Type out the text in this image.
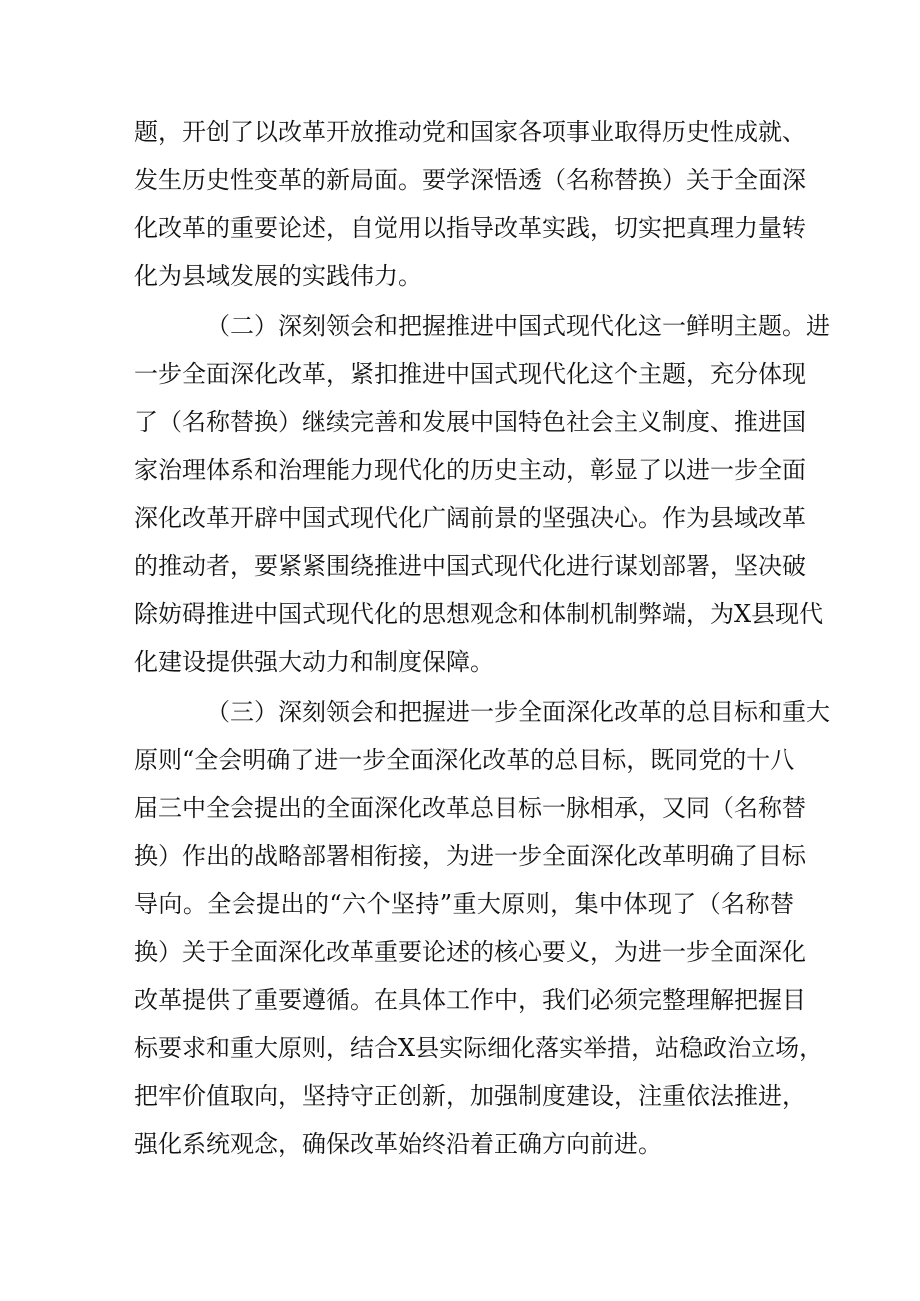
题，开创了以改革开放推动党和国家各项事业取得历史性成就、
发生历史性变革的新局面。要学深悟透（名称替换）关于全面深
化改革的重要论述，自觉用以指导改革实践，切实把真理力量转
化为县域发展的实践伟力。
（二）深刻领会和把握推进中国式现代化这一鲜明主题。进
一步全面深化改革，紧扣推进中国式现代化这个主题，充分体现
了（名称替换）继续完善和发展中国特色社会主义制度、推进国
家治理体系和治理能力现代化的历史主动，彰显了以进一步全面
深化改革开辟中国式现代化广阔前景的坚强决心。作为县域改革
的推动者，要紧紧围绕推进中国式现代化进行谋划部署，坚决破
除妨碍推进中国式现代化的思想观念和体制机制弊端，为X县现代
化建设提供强大动力和制度保障。
（三）深刻领会和把握进一步全面深化改革的总目标和重大
原则“全会明确了进一步全面深化改革的总目标，既同党的十八
届三中全会提出的全面深化改革总目标一脉相承，又同（名称替
换）作出的战略部署相衔接，为进一步全面深化改革明确了目标
导向。全会提出的“六个坚持”重大原则，集中体现了（名称替
换）关于全面深化改革重要论述的核心要义，为进一步全面深化
改革提供了重要遵循。在具体工作中，我们必须完整理解把握目
标要求和重大原则，结合X县实际细化落实举措，站稳政治立场，
把牢价值取向，坚持守正创新，加强制度建设，注重依法推进，
强化系统观念，确保改革始终沿着正确方向前进。
